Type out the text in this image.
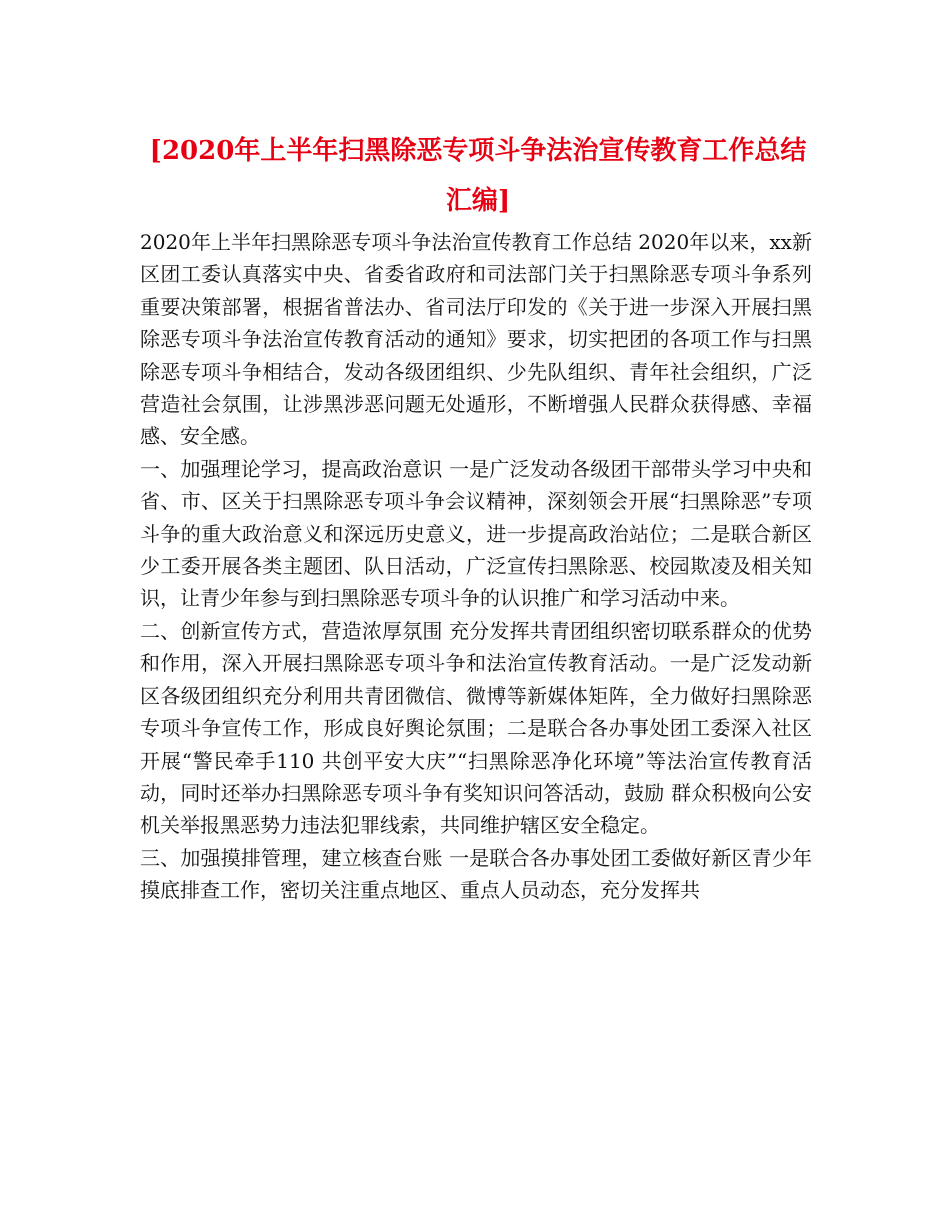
[2020年上半年扫黑除恶专项斗争法治宣传教育工作总结汇编]

2020年上半年扫黑除恶专项斗争法治宣传教育工作总结 2020年以来，xx新区团工委认真落实中央、省委省政府和司法部门关于扫黑除恶专项斗争系列重要决策部署，根据省普法办、省司法厅印发的《关于进一步深入开展扫黑除恶专项斗争法治宣传教育活动的通知》要求，切实把团的各项工作与扫黑除恶专项斗争相结合，发动各级团组织、少先队组织、青年社会组织，广泛营造社会氛围，让涉黑涉恶问题无处遁形，不断增强人民群众获得感、幸福感、安全感。

一、加强理论学习，提高政治意识 一是广泛发动各级团干部带头学习中央和省、市、区关于扫黑除恶专项斗争会议精神，深刻领会开展“扫黑除恶”专项斗争的重大政治意义和深远历史意义，进一步提高政治站位；二是联合新区少工委开展各类主题团、队日活动，广泛宣传扫黑除恶、校园欺凌及相关知识，让青少年参与到扫黑除恶专项斗争的认识推广和学习活动中来。

二、创新宣传方式，营造浓厚氛围 充分发挥共青团组织密切联系群众的优势和作用，深入开展扫黑除恶专项斗争和法治宣传教育活动。一是广泛发动新区各级团组织充分利用共青团微信、微博等新媒体矩阵，全力做好扫黑除恶专项斗争宣传工作，形成良好舆论氛围；二是联合各办事处团工委深入社区开展“警民牵手110 共创平安大庆”“扫黑除恶净化环境”等法治宣传教育活动，同时还举办扫黑除恶专项斗争有奖知识问答活动，鼓励 群众积极向公安机关举报黑恶势力违法犯罪线索，共同维护辖区安全稳定。

三、加强摸排管理，建立核查台账 一是联合各办事处团工委做好新区青少年摸底排查工作，密切关注重点地区、重点人员动态，充分发挥共
